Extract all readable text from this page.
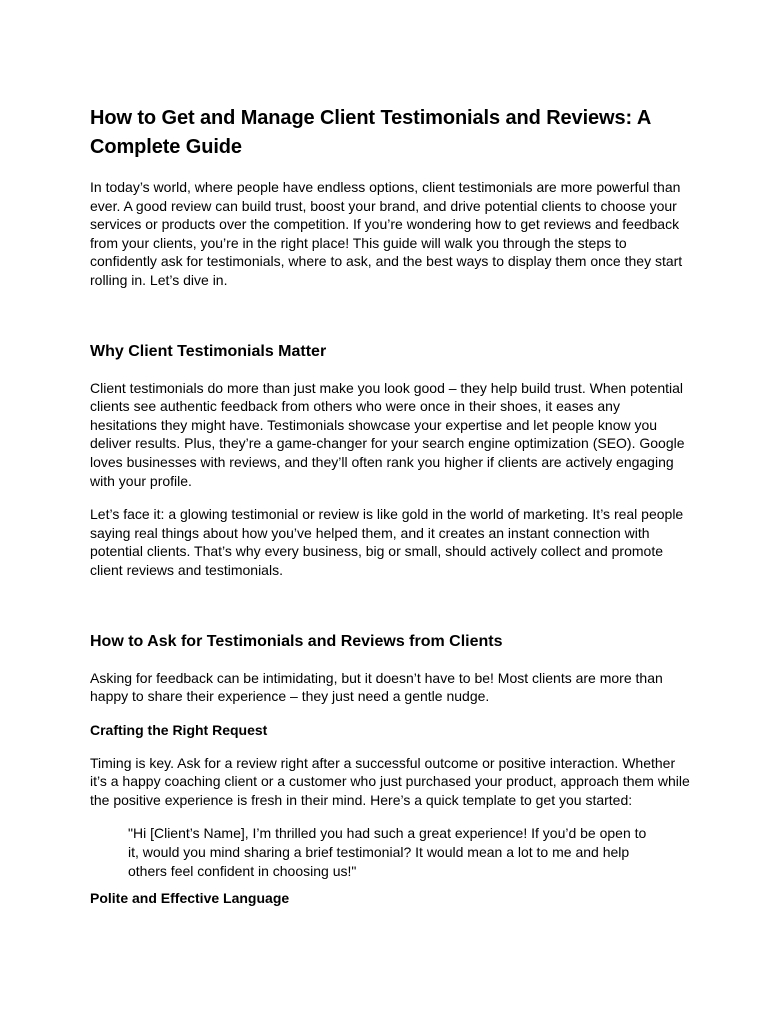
How to Get and Manage Client Testimonials and Reviews: A Complete Guide

In today’s world, where people have endless options, client testimonials are more powerful than ever. A good review can build trust, boost your brand, and drive potential clients to choose your services or products over the competition. If you’re wondering how to get reviews and feedback from your clients, you’re in the right place! This guide will walk you through the steps to confidently ask for testimonials, where to ask, and the best ways to display them once they start rolling in. Let’s dive in.

Why Client Testimonials Matter

Client testimonials do more than just make you look good – they help build trust. When potential clients see authentic feedback from others who were once in their shoes, it eases any hesitations they might have. Testimonials showcase your expertise and let people know you deliver results. Plus, they’re a game-changer for your search engine optimization (SEO). Google loves businesses with reviews, and they’ll often rank you higher if clients are actively engaging with your profile.

Let’s face it: a glowing testimonial or review is like gold in the world of marketing. It’s real people saying real things about how you’ve helped them, and it creates an instant connection with potential clients. That’s why every business, big or small, should actively collect and promote client reviews and testimonials.

How to Ask for Testimonials and Reviews from Clients

Asking for feedback can be intimidating, but it doesn’t have to be! Most clients are more than happy to share their experience – they just need a gentle nudge.

Crafting the Right Request

Timing is key. Ask for a review right after a successful outcome or positive interaction. Whether it’s a happy coaching client or a customer who just purchased your product, approach them while the positive experience is fresh in their mind. Here’s a quick template to get you started:

"Hi [Client’s Name], I’m thrilled you had such a great experience! If you’d be open to it, would you mind sharing a brief testimonial? It would mean a lot to me and help others feel confident in choosing us!"

Polite and Effective Language
